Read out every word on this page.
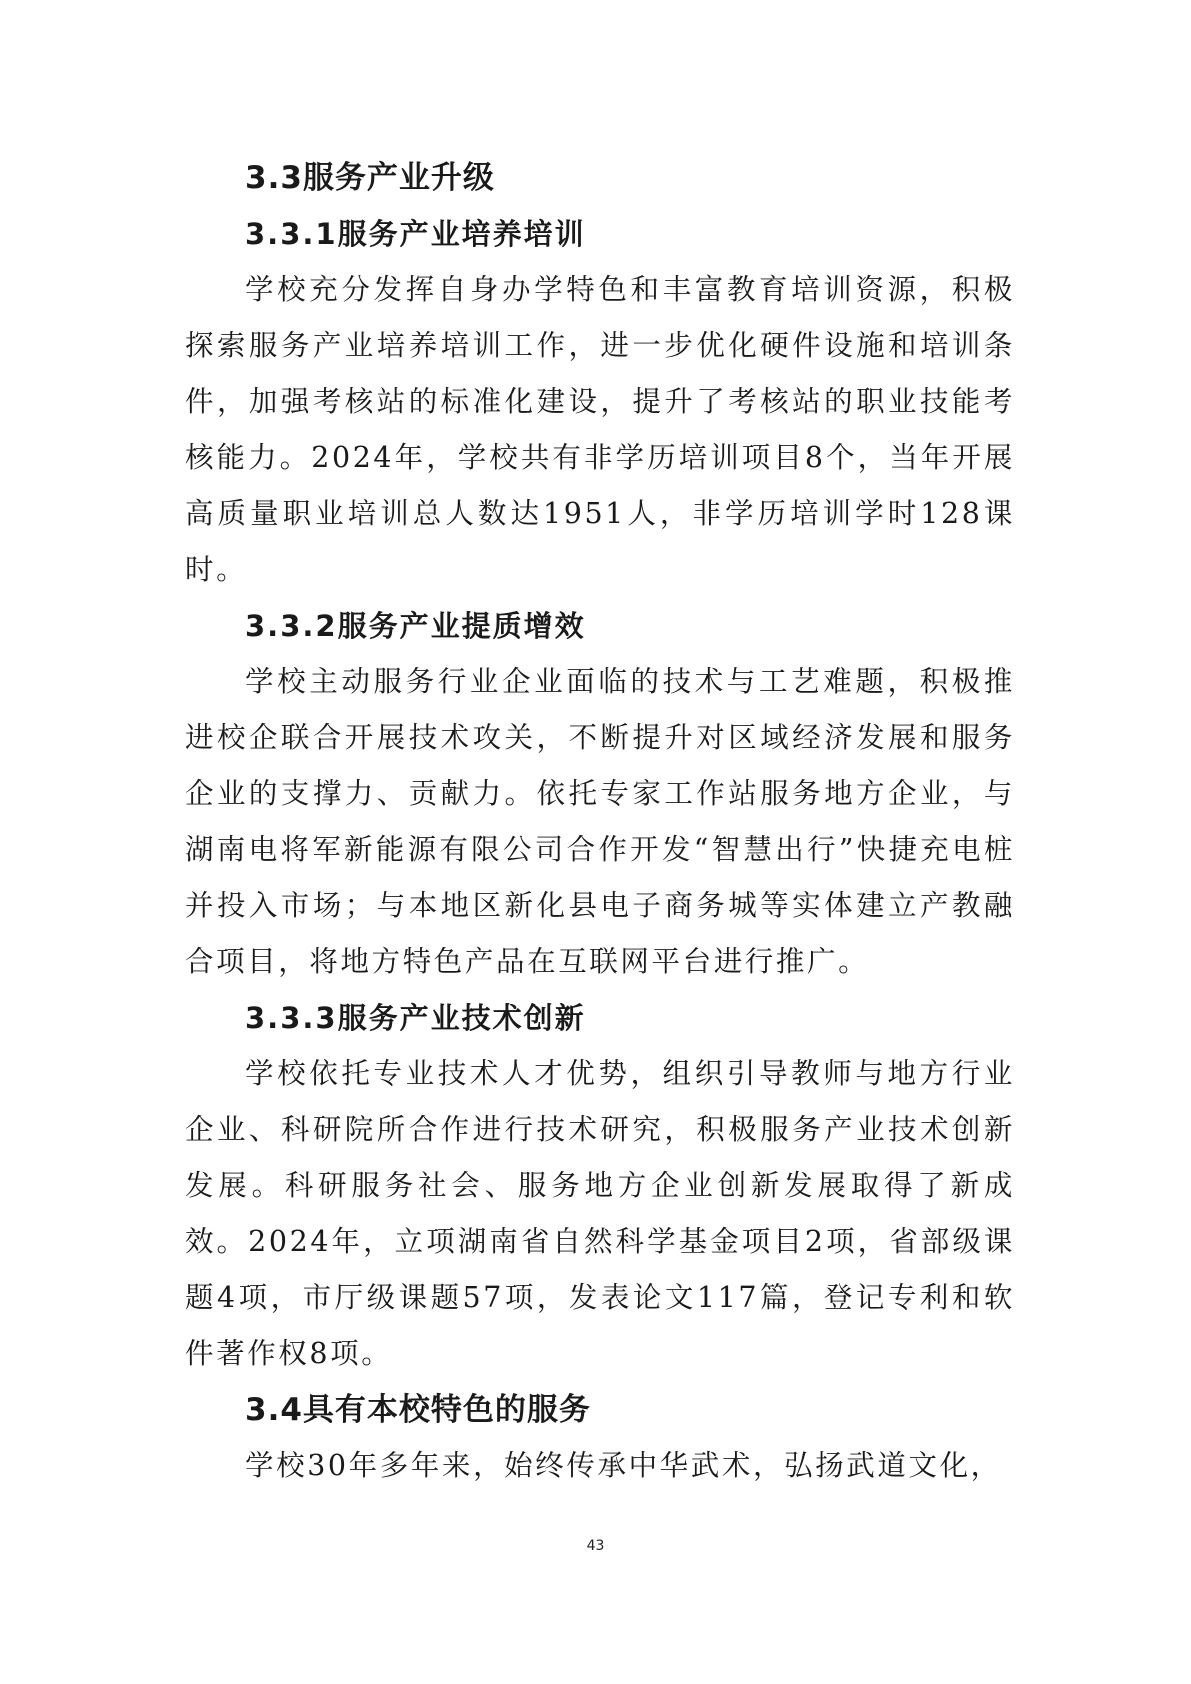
3.3服务产业升级
3.3.1服务产业培养培训

学校充分发挥自身办学特色和丰富教育培训资源，积极探索服务产业培养培训工作，进一步优化硬件设施和培训条件，加强考核站的标准化建设，提升了考核站的职业技能考核能力。2024年，学校共有非学历培训项目8个，当年开展高质量职业培训总人数达1951人，非学历培训学时128课时。

3.3.2服务产业提质增效

学校主动服务行业企业面临的技术与工艺难题，积极推进校企联合开展技术攻关，不断提升对区域经济发展和服务企业的支撑力、贡献力。依托专家工作站服务地方企业，与湖南电将军新能源有限公司合作开发“智慧出行”快捷充电桩并投入市场；与本地区新化县电子商务城等实体建立产教融合项目，将地方特色产品在互联网平台进行推广。

3.3.3服务产业技术创新

学校依托专业技术人才优势，组织引导教师与地方行业企业、科研院所合作进行技术研究，积极服务产业技术创新发展。科研服务社会、服务地方企业创新发展取得了新成效。2024年，立项湖南省自然科学基金项目2项，省部级课题4项，市厅级课题57项，发表论文117篇，登记专利和软件著作权8项。

3.4具有本校特色的服务

学校30年多年来，始终传承中华武术，弘扬武道文化，

43
